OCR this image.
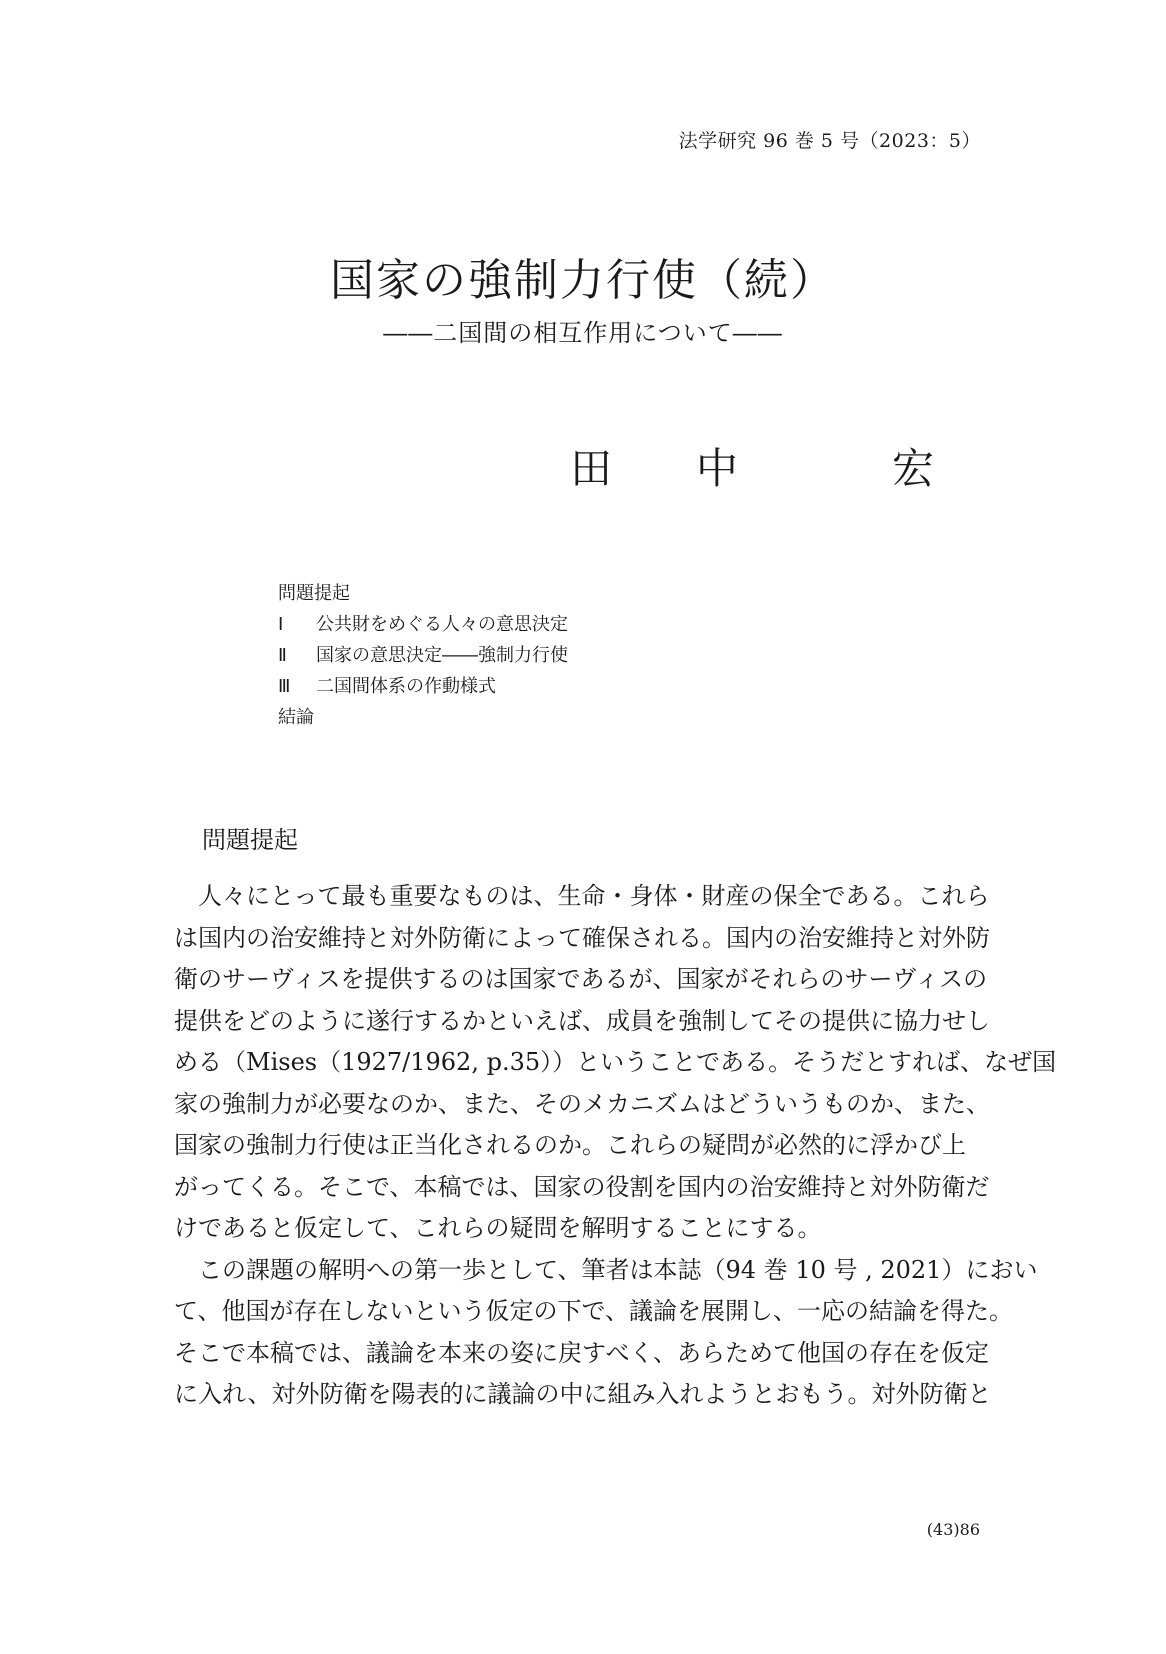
法学研究 96 巻 5 号（2023：5）
国家の強制力行使（続）
――二国間の相互作用について――
田 中	宏
問題提起
Ⅰ 公共財をめぐる人々の意思決定
Ⅱ 国家の意思決定――強制力行使
Ⅲ 二国間体系の作動様式
結論
問題提起
　人々にとって最も重要なものは、生命・身体・財産の保全である。これら
は国内の治安維持と対外防衛によって確保される。国内の治安維持と対外防
衛のサーヴィスを提供するのは国家であるが、国家がそれらのサーヴィスの
提供をどのように遂行するかといえば、成員を強制してその提供に協力せし
める（Mises（1927/1962, p.35））ということである。そうだとすれば、なぜ国
家の強制力が必要なのか、また、そのメカニズムはどういうものか、また、
国家の強制力行使は正当化されるのか。これらの疑問が必然的に浮かび上
がってくる。そこで、本稿では、国家の役割を国内の治安維持と対外防衛だ
けであると仮定して、これらの疑問を解明することにする。
　この課題の解明への第一歩として、筆者は本誌（94 巻 10 号 , 2021）におい
て、他国が存在しないという仮定の下で、議論を展開し、一応の結論を得た。
そこで本稿では、議論を本来の姿に戻すべく、あらためて他国の存在を仮定
に入れ、対外防衛を陽表的に議論の中に組み入れようとおもう。対外防衛と
(43)86
